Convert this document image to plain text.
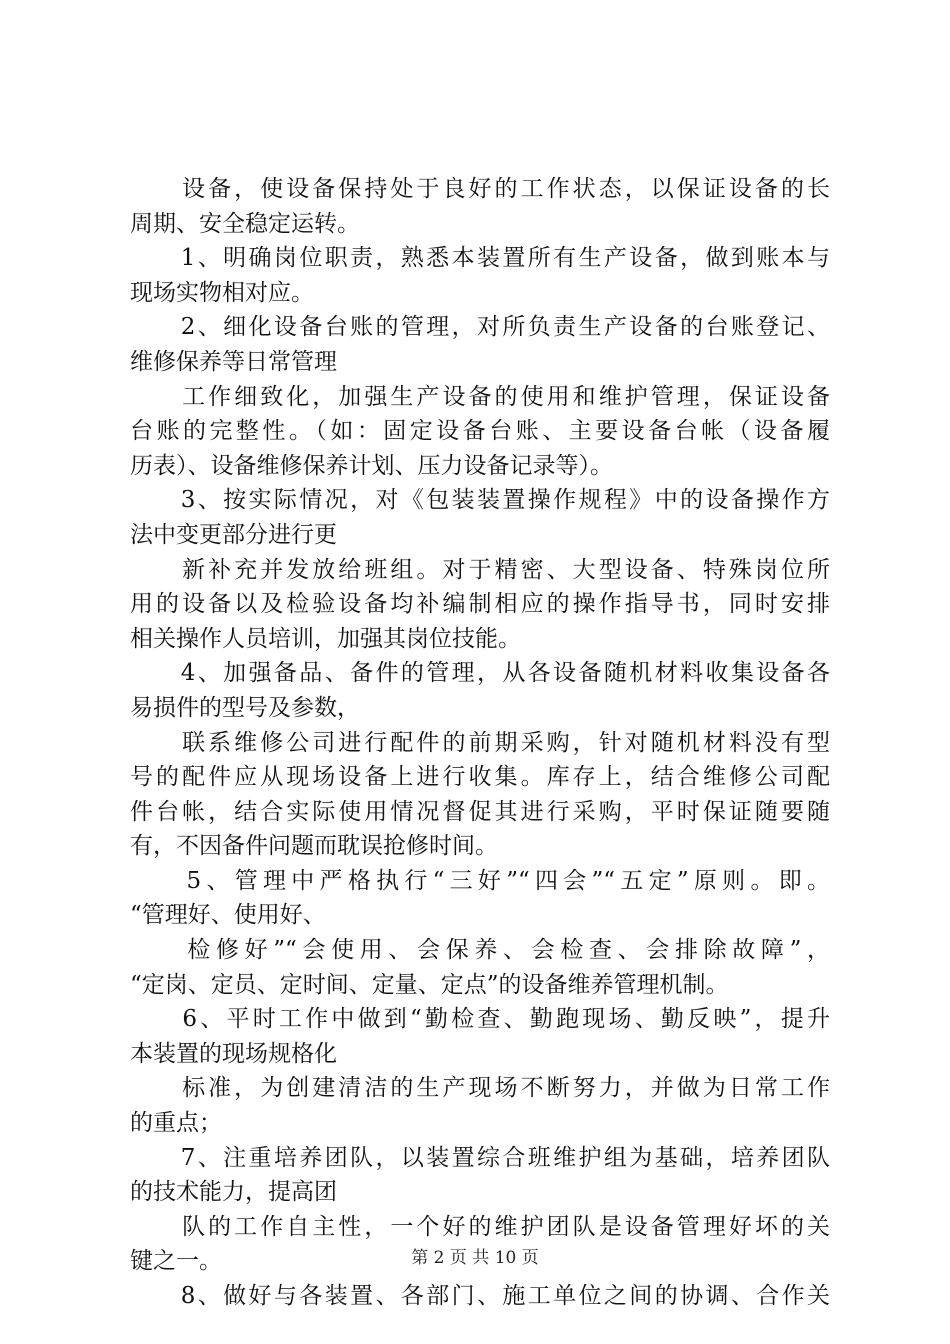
　　设备，使设备保持处于良好的工作状态，以保证设备的长
周期、安全稳定运转。
　　1、明确岗位职责，熟悉本装置所有生产设备，做到账本与
现场实物相对应。
　　2、细化设备台账的管理，对所负责生产设备的台账登记、
维修保养等日常管理
　　工作细致化，加强生产设备的使用和维护管理，保证设备
台账的完整性。（如：固定设备台账、主要设备台帐（设备履
历表）、设备维修保养计划、压力设备记录等）。
　　3、按实际情况，对《包装装置操作规程》中的设备操作方
法中变更部分进行更
　　新补充并发放给班组。对于精密、大型设备、特殊岗位所
用的设备以及检验设备均补编制相应的操作指导书，同时安排
相关操作人员培训，加强其岗位技能。
　　4、加强备品、备件的管理，从各设备随机材料收集设备各
易损件的型号及参数，
　　联系维修公司进行配件的前期采购，针对随机材料没有型
号的配件应从现场设备上进行收集。库存上，结合维修公司配
件台帐，结合实际使用情况督促其进行采购，平时保证随要随
有，不因备件问题而耽误抢修时间。
　　5、管理中严格执行“三好”“四会”“五定”原则。即。
“管理好、使用好、
　　检修好”“会使用、会保养、会检查、会排除故障”，
“定岗、定员、定时间、定量、定点”的设备维养管理机制。
　　6、平时工作中做到“勤检查、勤跑现场、勤反映”，提升
本装置的现场规格化
　　标准，为创建清洁的生产现场不断努力，并做为日常工作
的重点；
　　7、注重培养团队，以装置综合班维护组为基础，培养团队
的技术能力，提高团
　　队的工作自主性，一个好的维护团队是设备管理好坏的关
键之一。
　　8、做好与各装置、各部门、施工单位之间的协调、合作关
第 2 页 共 10 页
